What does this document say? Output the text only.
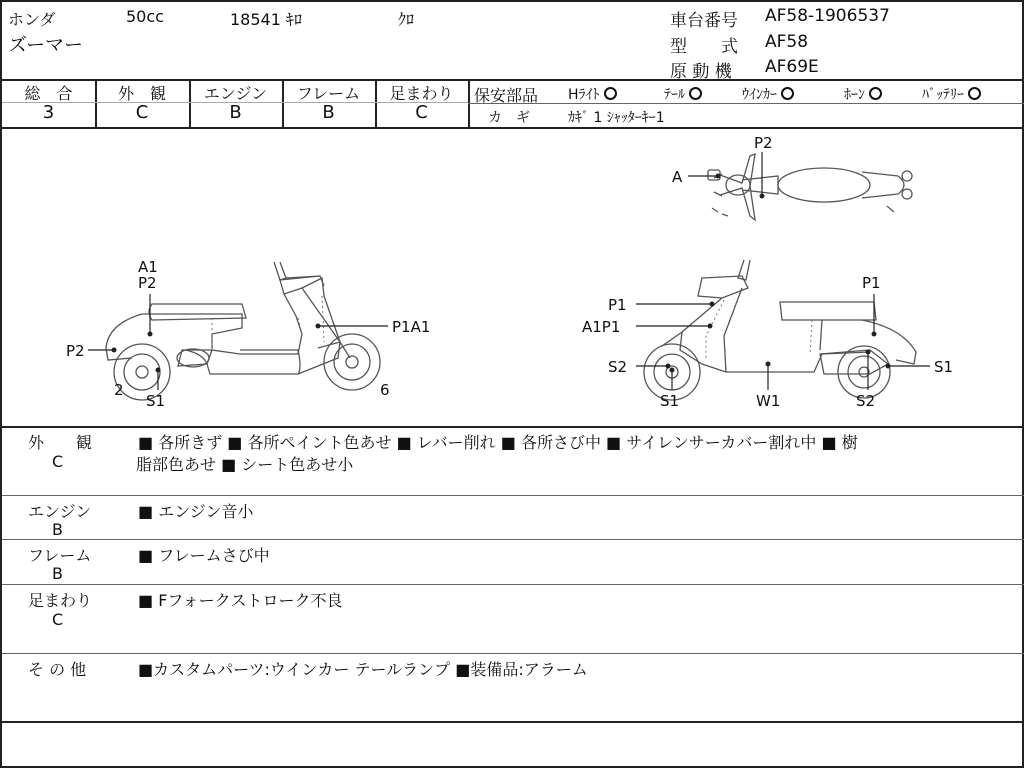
ホンダ	50cc	18541 ｷﾛ	ｸﾛ
ズーマー
車台番号 AF58-1906537
型　　式 AF58
原 動 機 AF69E
総　合
3
外　観
C
エンジン
B
フレーム
B
足まわり
C
保安部品 Hﾗｲﾄ	ﾃｰﾙ	ｳｲﾝｶｰ	ﾎｰﾝ	ﾊﾞｯﾃﾘｰ
カ　ギ	ｶｷﾞ 1 ｼｬｯﾀｰｷｰ1
P2
A
A1
P2
P2
P1A1
2
S1
6
P1
A1P1
P1
S2	S1
S1	W1	S2
外　　観
C
■ 各所きず ■ 各所ペイント色あせ ■ レバー削れ ■ 各所さび中 ■ サイレンサーカバー割れ中 ■ 樹
脂部色あせ ■ シート色あせ小
エンジン
B
■ エンジン音小
フレーム
B
■ フレームさび中
足まわり
C
■ Fフォークストローク不良
そ の 他	■カスタムパーツ:ウインカー テールランプ ■装備品:アラーム
